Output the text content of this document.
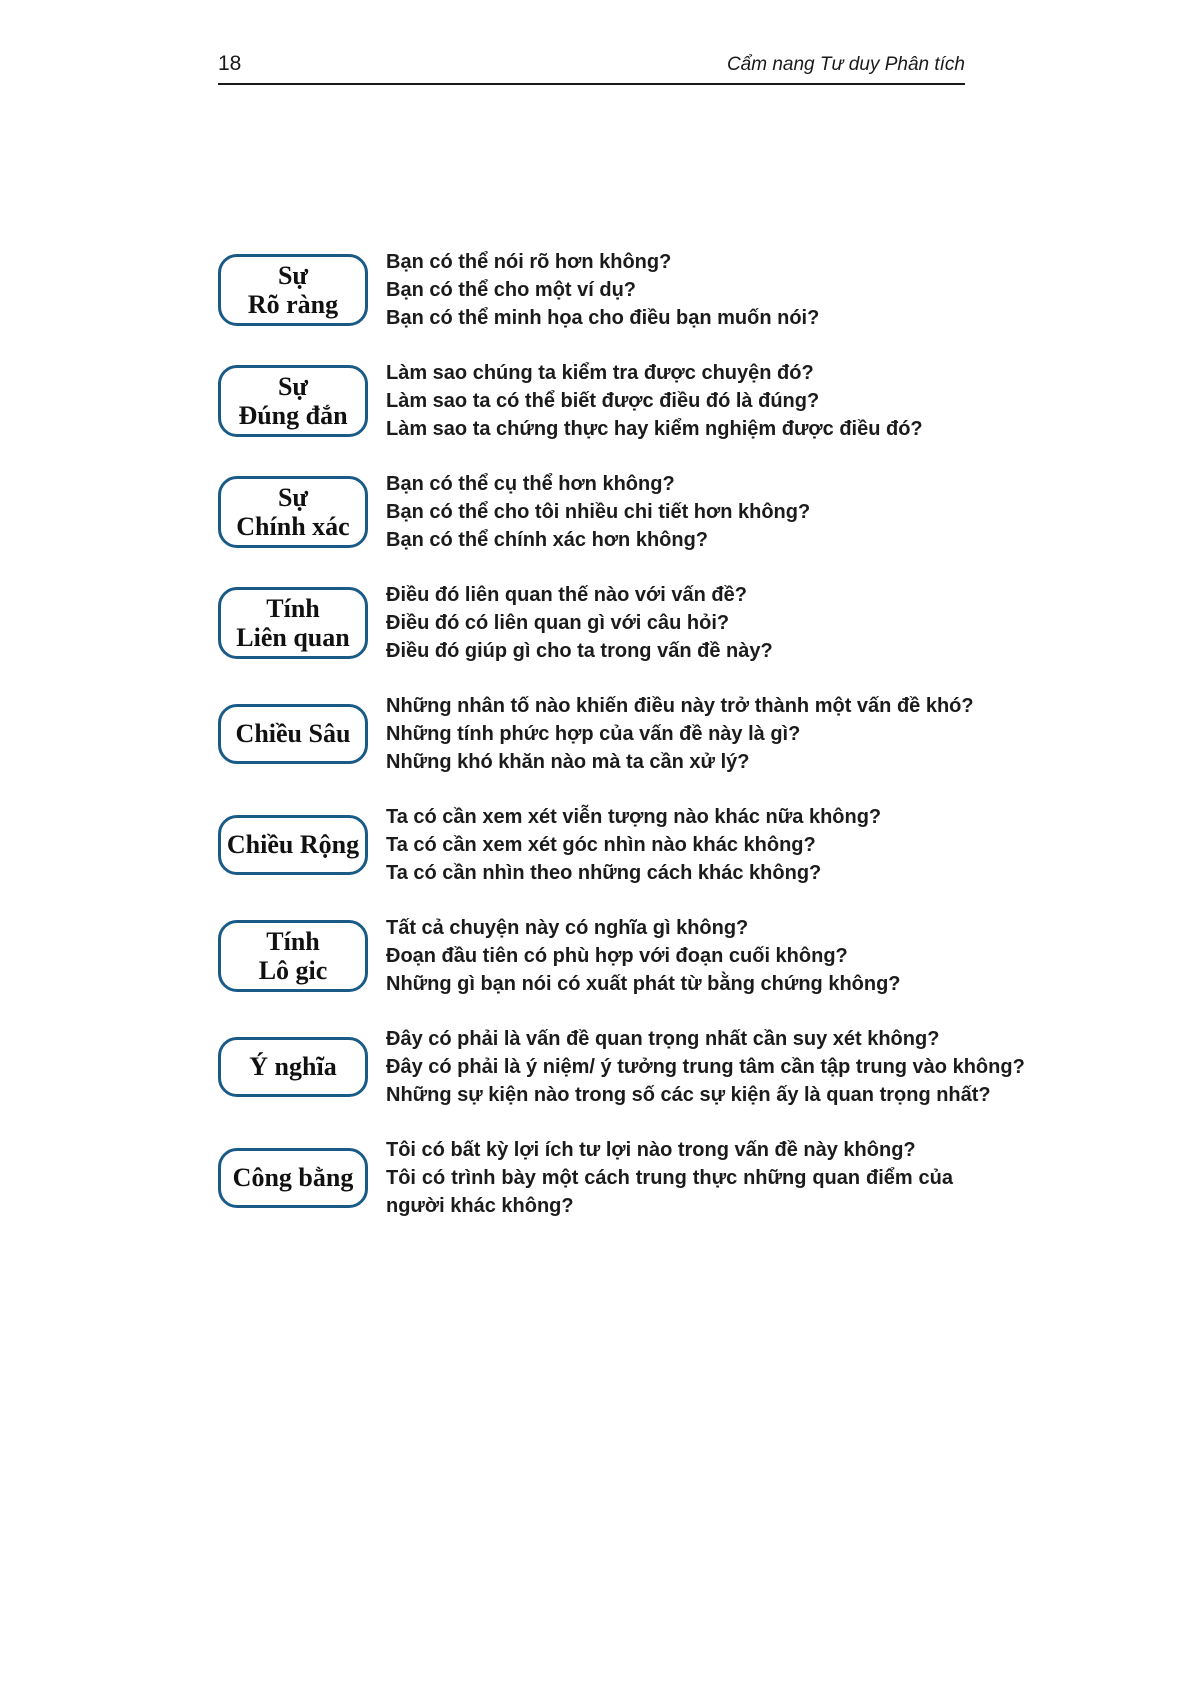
18	Cẩm nang Tư duy Phân tích
Sự
Rõ ràng

Bạn có thể nói rõ hơn không?

Bạn có thể cho một ví dụ?

Bạn có thể minh họa cho điều bạn muốn nói?

Sự
Đúng đắn

Làm sao chúng ta kiểm tra được chuyện đó?

Làm sao ta có thể biết được điều đó là đúng?

Làm sao ta chứng thực hay kiểm nghiệm được điều đó?

Sự
Chính xác

Bạn có thể cụ thể hơn không?

Bạn có thể cho tôi nhiều chi tiết hơn không?

Bạn có thể chính xác hơn không?

Tính
Liên quan

Điều đó liên quan thế nào với vấn đề?

Điều đó có liên quan gì với câu hỏi?

Điều đó giúp gì cho ta trong vấn đề này?

Chiều Sâu

Những nhân tố nào khiến điều này trở thành một vấn đề khó?

Những tính phức hợp của vấn đề này là gì?

Những khó khăn nào mà ta cần xử lý?

Chiều Rộng

Ta có cần xem xét viễn tượng nào khác nữa không?

Ta có cần xem xét góc nhìn nào khác không?

Ta có cần nhìn theo những cách khác không?

Tính
Lô gic

Tất cả chuyện này có nghĩa gì không?

Đoạn đầu tiên có phù hợp với đoạn cuối không?

Những gì bạn nói có xuất phát từ bằng chứng không?

Ý nghĩa

Đây có phải là vấn đề quan trọng nhất cần suy xét không?

Đây có phải là ý niệm/ ý tưởng trung tâm cần tập trung vào không?

Những sự kiện nào trong số các sự kiện ấy là quan trọng nhất?

Công bằng

Tôi có bất kỳ lợi ích tư lợi nào trong vấn đề này không?

Tôi có trình bày một cách trung thực những quan điểm của người khác không?
